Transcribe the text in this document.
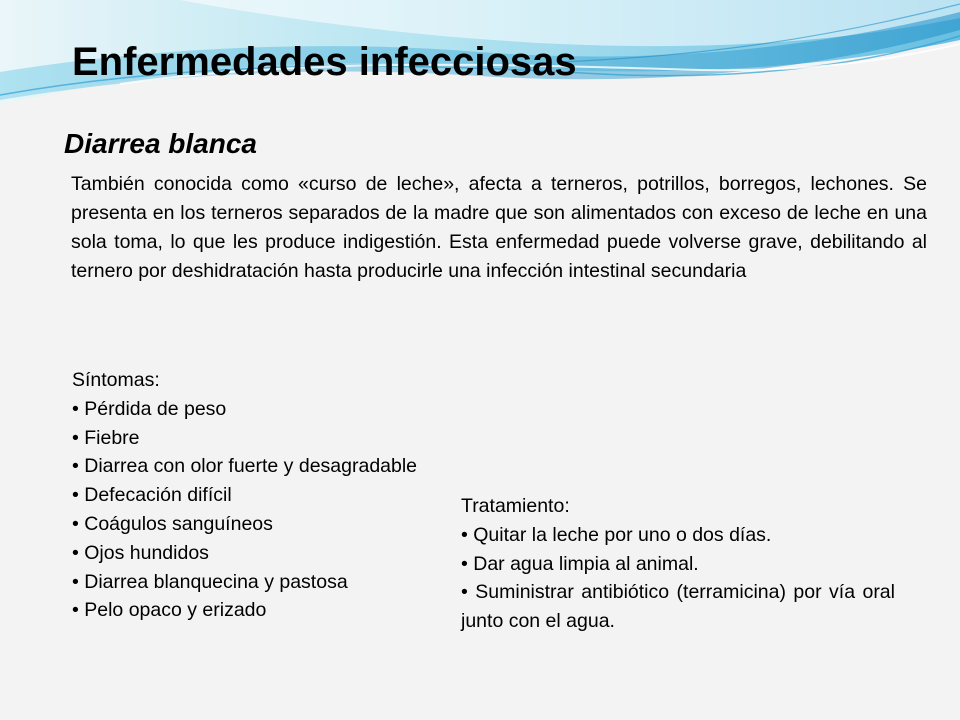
Enfermedades infecciosas
Diarrea blanca

También conocida como «curso de leche», afecta a terneros, potrillos, borregos, lechones. Se presenta en los terneros separados de la madre que son alimentados con exceso de leche en una sola toma, lo que les produce indigestión. Esta enfermedad puede volverse grave, debilitando al ternero por deshidratación hasta producirle una infección intestinal secundaria

Síntomas:
• Pérdida de peso
• Fiebre
• Diarrea con olor fuerte y desagradable
• Defecación difícil
• Coágulos sanguíneos
• Ojos hundidos
• Diarrea blanquecina y pastosa
• Pelo opaco y erizado
Tratamiento:
• Quitar la leche por uno o dos días.
• Dar agua limpia al animal.
• Suministrar antibiótico (terramicina) por vía oral junto con el agua.
